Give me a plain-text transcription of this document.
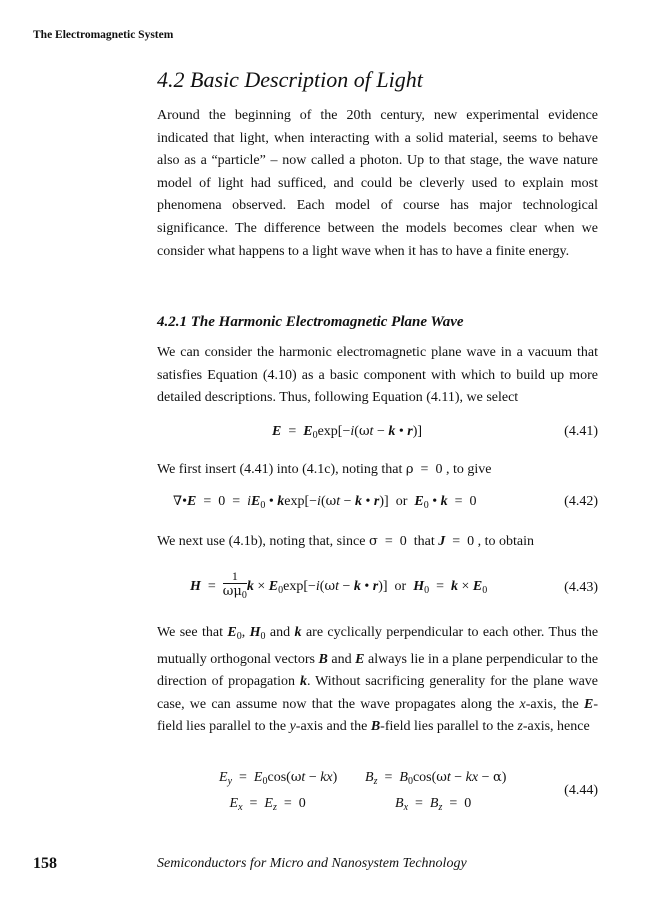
The Electromagnetic System
4.2 Basic Description of Light

Around the beginning of the 20th century, new experimental evidence indicated that light, when interacting with a solid material, seems to behave also as a “particle” – now called a photon. Up to that stage, the wave nature model of light had sufficed, and could be cleverly used to explain most phenomena observed. Each model of course has major technological significance. The difference between the models becomes clear when we consider what happens to a light wave when it has to have a finite energy.

4.2.1 The Harmonic Electromagnetic Plane Wave

We can consider the harmonic electromagnetic plane wave in a vacuum that satisfies Equation (4.10) as a basic component with which to build up more detailed descriptions. Thus, following Equation (4.11), we select

$E = E_0\exp[-i(\omega t - k$ • r)]	(4.41)

We first insert (4.41) into (4.1c), noting that ρ  =  0 , to give

∇•E  =  $0 = iE_0$ • kexp[−i(ωt − k • r)]  or $E_0$ • k  =  0	(4.42)

We next use (4.1b), noting that, since σ  =  0  that J  =  0 , to obtain

$H = \frac{1}{\omega\mu_0}$ $k \times E_0\exp[-i(\omega t - k$ • r)]  or $H_0 = k \times E_0$	(4.43)

We see that $E_0$, $H_0$ and k are cyclically perpendicular to each other. Thus the mutually orthogonal vectors B and E always lie in a plane perpendicular to the direction of propagation k. Without sacrificing generality for the plane wave case, we can assume now that the wave propagates along the x-axis, the E-field lies parallel to the y-axis and the B-field lies parallel to the z-axis, hence

$E_y = E_0\cos(\omega t - kx)$
$E_x = E_z = 0$
$B_z = B_0\cos(\omega t$ − kx − α)
$B_x = B_z = 0$
(4.44)
158	Semiconductors for Micro and Nanosystem Technology
